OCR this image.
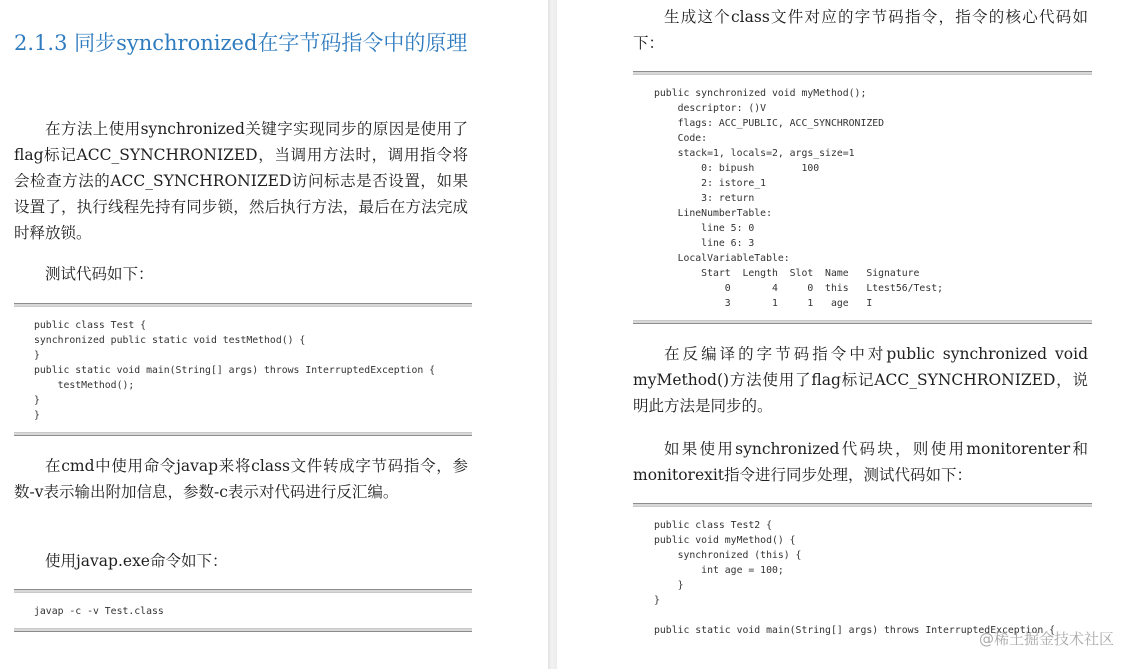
2.1.3 同步synchronized在字节码指令中的原理

在方法上使用synchronized关键字实现同步的原因是使用了flag标记ACC_SYNCHRONIZED，当调用方法时，调用指令将会检查方法的ACC_SYNCHRONIZED访问标志是否设置，如果设置了，执行线程先持有同步锁，然后执行方法，最后在方法完成时释放锁。

测试代码如下：

public class Test {
synchronized public static void testMethod() {
}
public static void main(String[] args) throws InterruptedException {
testMethod();
}
}

在cmd中使用命令javap来将class文件转成字节码指令，参数-v表示输出附加信息，参数-c表示对代码进行反汇编。

使用javap.exe命令如下：

javap -c -v Test.class

生成这个class文件对应的字节码指令，指令的核心代码如下：

public synchronized void myMethod();
descriptor: ()V
flags: ACC_PUBLIC, ACC_SYNCHRONIZED
Code:
stack=1, locals=2, args_size=1
0: bipush        100
2: istore_1
3: return
LineNumberTable:
line 5: 0
line 6: 3
LocalVariableTable:
Start  Length  Slot  Name   Signature
0       4     0  this   Ltest56/Test;
3       1     1   age   I

在反编译的字节码指令中对public synchronized void myMethod()方法使用了flag标记ACC_SYNCHRONIZED，说明此方法是同步的。

如果使用synchronized代码块，则使用monitorenter和monitorexit指令进行同步处理，测试代码如下：

public class Test2 {
public void myMethod() {
synchronized (this) {
int age = 100;
}
}

public static void main(String[] args) throws InterruptedException {
@稀土掘金技术社区
